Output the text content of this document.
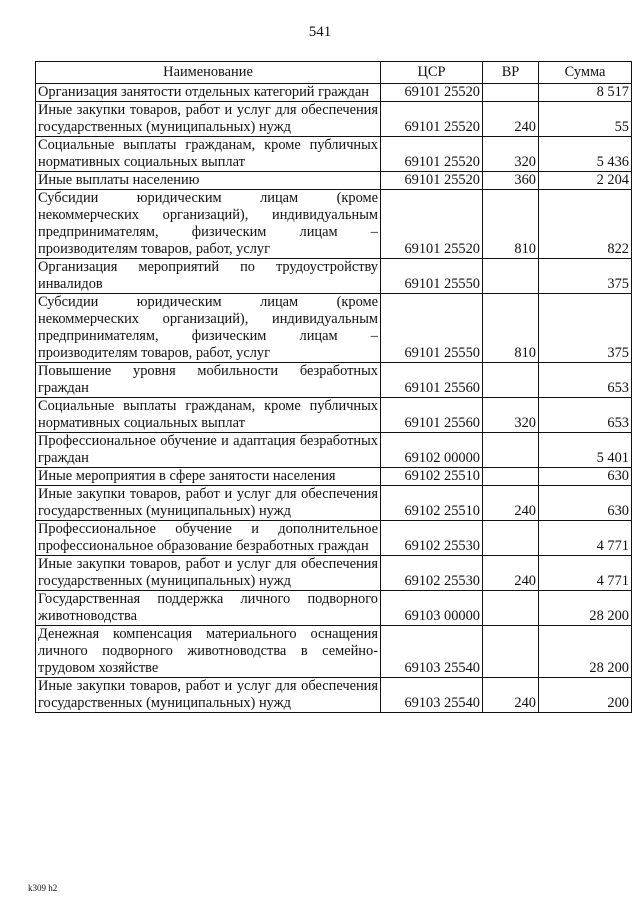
541
Наименование	ЦСР	ВР	Сумма
Организация занятости отдельных категорий граждан	69101 25520		8 517
Иные закупки товаров, работ и услуг для обеспечения государственных (муниципальных) нужд	69101 25520	240	55
Социальные выплаты гражданам, кроме публичных нормативных социальных выплат	69101 25520	320	5 436
Иные выплаты населению	69101 25520	360	2 204
Субсидии юридическим лицам (кроме некоммерческих организаций), индивидуальным предпринимателям, физическим лицам – производителям товаров, работ, услуг	69101 25520	810	822
Организация мероприятий по трудоустройству инвалидов	69101 25550		375
Субсидии юридическим лицам (кроме некоммерческих организаций), индивидуальным предпринимателям, физическим лицам – производителям товаров, работ, услуг	69101 25550	810	375
Повышение уровня мобильности безработных граждан	69101 25560		653
Социальные выплаты гражданам, кроме публичных нормативных социальных выплат	69101 25560	320	653
Профессиональное обучение и адаптация безработных граждан	69102 00000		5 401
Иные мероприятия в сфере занятости населения	69102 25510		630
Иные закупки товаров, работ и услуг для обеспечения государственных (муниципальных) нужд	69102 25510	240	630
Профессиональное обучение и дополнительное профессиональное образование безработных граждан	69102 25530		4 771
Иные закупки товаров, работ и услуг для обеспечения государственных (муниципальных) нужд	69102 25530	240	4 771
Государственная поддержка личного подворного животноводства	69103 00000		28 200
Денежная компенсация материального оснащения личного подворного животноводства в семейно-трудовом хозяйстве	69103 25540		28 200
Иные закупки товаров, работ и услуг для обеспечения государственных (муниципальных) нужд	69103 25540	240	200
k309 h2
